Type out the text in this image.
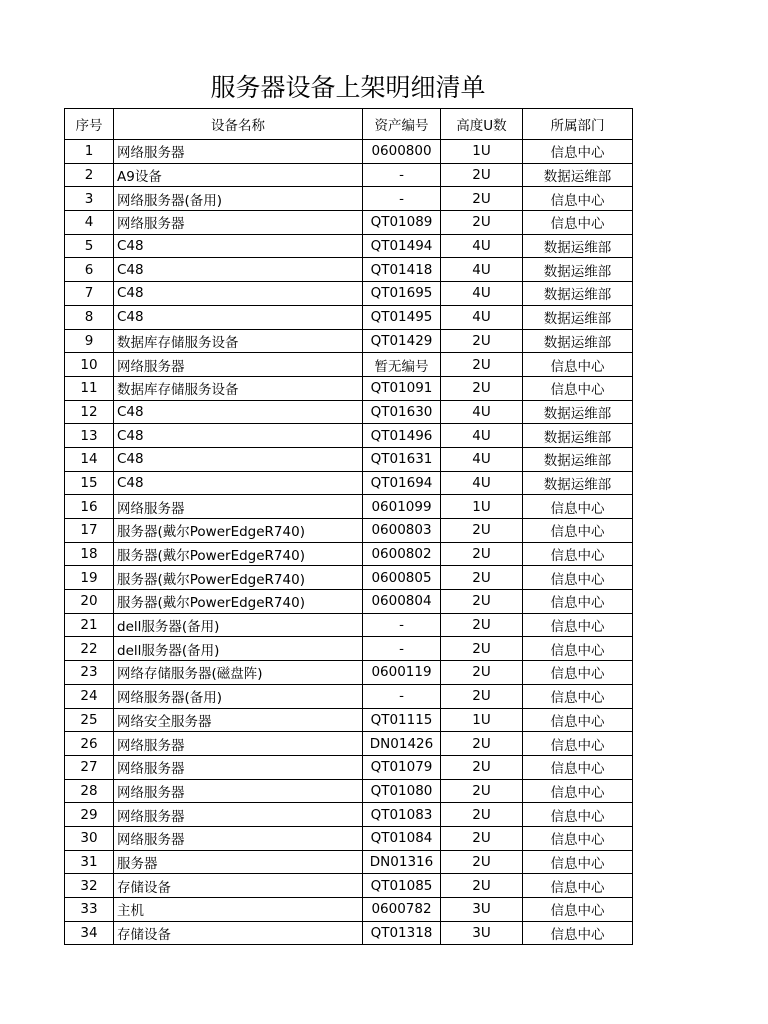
服务器设备上架明细清单
序号	设备名称	资产编号	高度U数	所属部门
1	网络服务器	0600800	1U	信息中心
2	A9设备	-	2U	数据运维部
3	网络服务器(备用)	-	2U	信息中心
4	网络服务器	QT01089	2U	信息中心
5	C48	QT01494	4U	数据运维部
6	C48	QT01418	4U	数据运维部
7	C48	QT01695	4U	数据运维部
8	C48	QT01495	4U	数据运维部
9	数据库存储服务设备	QT01429	2U	数据运维部
10	网络服务器	暂无编号	2U	信息中心
11	数据库存储服务设备	QT01091	2U	信息中心
12	C48	QT01630	4U	数据运维部
13	C48	QT01496	4U	数据运维部
14	C48	QT01631	4U	数据运维部
15	C48	QT01694	4U	数据运维部
16	网络服务器	0601099	1U	信息中心
17	服务器(戴尔PowerEdgeR740)	0600803	2U	信息中心
18	服务器(戴尔PowerEdgeR740)	0600802	2U	信息中心
19	服务器(戴尔PowerEdgeR740)	0600805	2U	信息中心
20	服务器(戴尔PowerEdgeR740)	0600804	2U	信息中心
21	dell服务器(备用)	-	2U	信息中心
22	dell服务器(备用)	-	2U	信息中心
23	网络存储服务器(磁盘阵)	0600119	2U	信息中心
24	网络服务器(备用)	-	2U	信息中心
25	网络安全服务器	QT01115	1U	信息中心
26	网络服务器	DN01426	2U	信息中心
27	网络服务器	QT01079	2U	信息中心
28	网络服务器	QT01080	2U	信息中心
29	网络服务器	QT01083	2U	信息中心
30	网络服务器	QT01084	2U	信息中心
31	服务器	DN01316	2U	信息中心
32	存储设备	QT01085	2U	信息中心
33	主机	0600782	3U	信息中心
34	存储设备	QT01318	3U	信息中心
